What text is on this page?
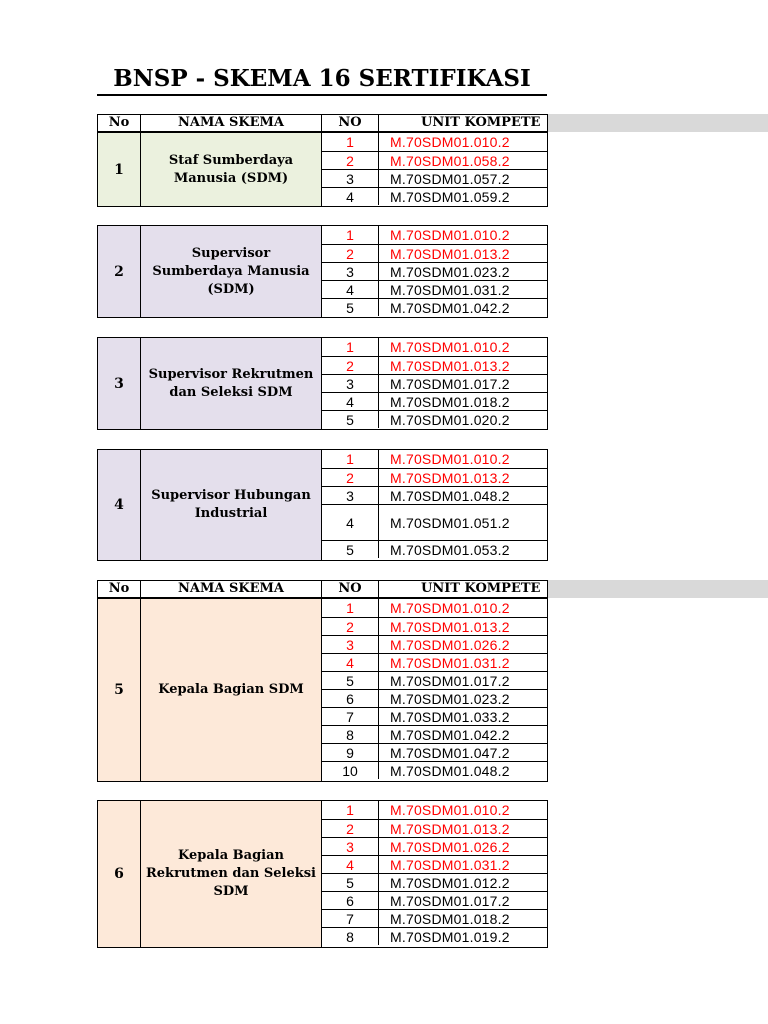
BNSP - SKEMA 16 SERTIFIKASI
No	NAMA SKEMA	NO	UNIT KOMPETE
1
Staf Sumberdaya Manusia (SDM)
1	M.70SDM01.010.2
2	M.70SDM01.058.2
3	M.70SDM01.057.2
4	M.70SDM01.059.2
2
Supervisor Sumberdaya Manusia (SDM)
1	M.70SDM01.010.2
2	M.70SDM01.013.2
3	M.70SDM01.023.2
4	M.70SDM01.031.2
5	M.70SDM01.042.2
3
Supervisor Rekrutmen dan Seleksi SDM
1	M.70SDM01.010.2
2	M.70SDM01.013.2
3	M.70SDM01.017.2
4	M.70SDM01.018.2
5	M.70SDM01.020.2
4
Supervisor Hubungan Industrial
1	M.70SDM01.010.2
2	M.70SDM01.013.2
3	M.70SDM01.048.2
4	M.70SDM01.051.2
5	M.70SDM01.053.2
No	NAMA SKEMA	NO	UNIT KOMPETE
5	Kepala Bagian SDM
1	M.70SDM01.010.2
2	M.70SDM01.013.2
3	M.70SDM01.026.2
4	M.70SDM01.031.2
5	M.70SDM01.017.2
6	M.70SDM01.023.2
7	M.70SDM01.033.2
8	M.70SDM01.042.2
9	M.70SDM01.047.2
10	M.70SDM01.048.2
6
Kepala Bagian Rekrutmen dan Seleksi SDM
1	M.70SDM01.010.2
2	M.70SDM01.013.2
3	M.70SDM01.026.2
4	M.70SDM01.031.2
5	M.70SDM01.012.2
6	M.70SDM01.017.2
7	M.70SDM01.018.2
8	M.70SDM01.019.2
